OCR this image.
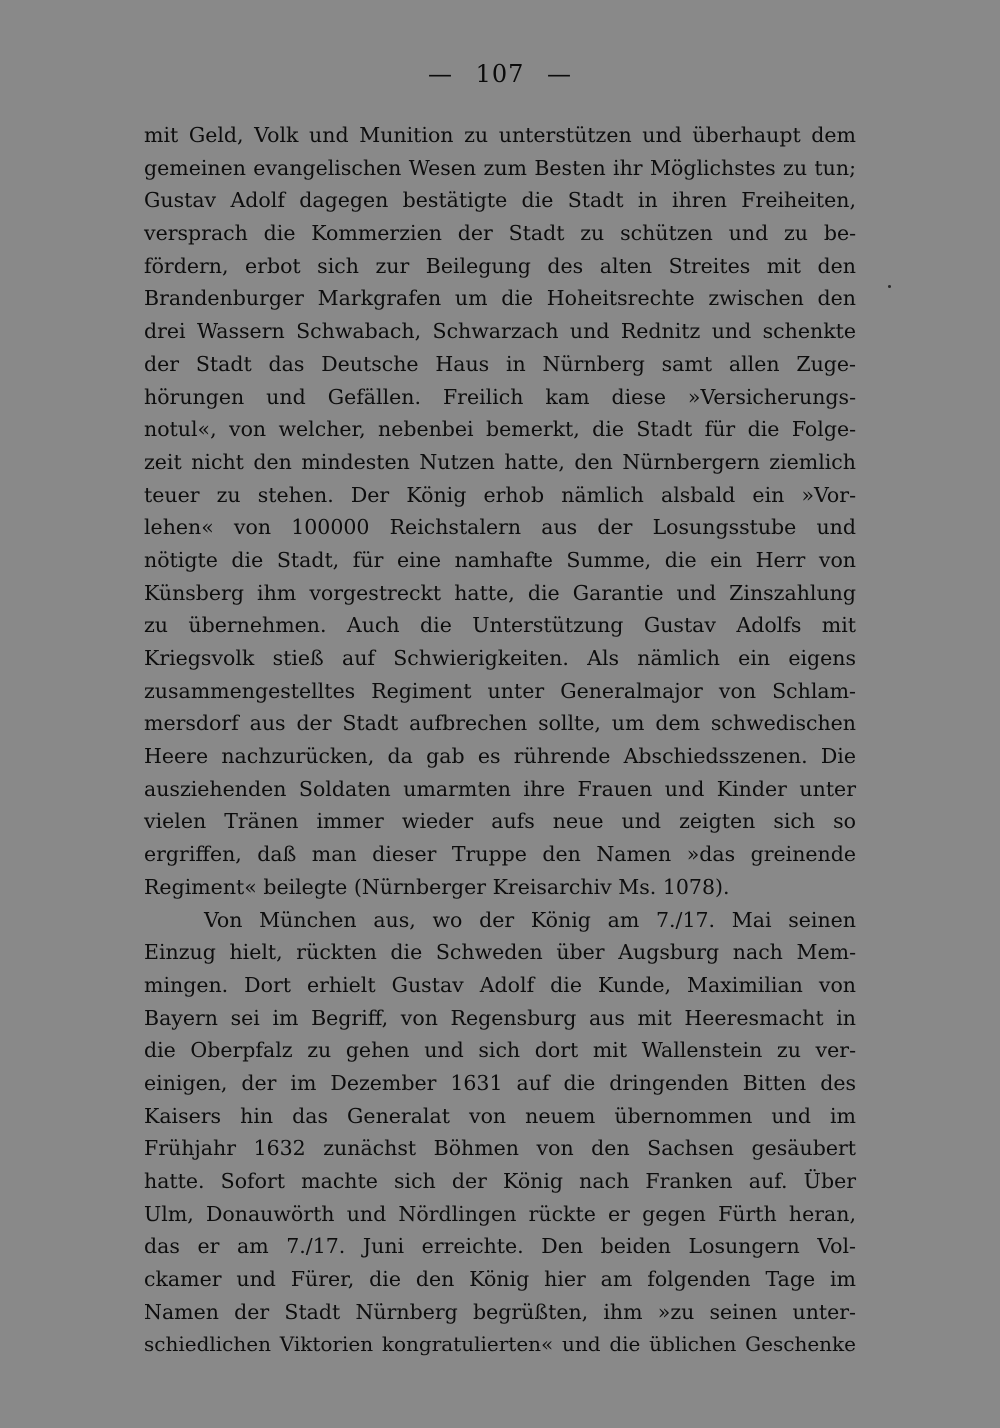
— 107 —
mit Geld, Volk und Munition zu unterstützen und überhaupt dem
gemeinen evangelischen Wesen zum Besten ihr Möglichstes zu tun;
Gustav Adolf dagegen bestätigte die Stadt in ihren Freiheiten,
versprach die Kommerzien der Stadt zu schützen und zu be-
fördern, erbot sich zur Beilegung des alten Streites mit den
Brandenburger Markgrafen um die Hoheitsrechte zwischen den
drei Wassern Schwabach, Schwarzach und Rednitz und schenkte
der Stadt das Deutsche Haus in Nürnberg samt allen Zuge-
hörungen und Gefällen. Freilich kam diese »Versicherungs-
notul«, von welcher, nebenbei bemerkt, die Stadt für die Folge-
zeit nicht den mindesten Nutzen hatte, den Nürnbergern ziemlich
teuer zu stehen. Der König erhob nämlich alsbald ein »Vor-
lehen« von 100000 Reichstalern aus der Losungsstube und
nötigte die Stadt, für eine namhafte Summe, die ein Herr von
Künsberg ihm vorgestreckt hatte, die Garantie und Zinszahlung
zu übernehmen. Auch die Unterstützung Gustav Adolfs mit
Kriegsvolk stieß auf Schwierigkeiten. Als nämlich ein eigens
zusammengestelltes Regiment unter Generalmajor von Schlam-
mersdorf aus der Stadt aufbrechen sollte, um dem schwedischen
Heere nachzurücken, da gab es rührende Abschiedsszenen. Die
ausziehenden Soldaten umarmten ihre Frauen und Kinder unter
vielen Tränen immer wieder aufs neue und zeigten sich so
ergriffen, daß man dieser Truppe den Namen »das greinende
Regiment« beilegte (Nürnberger Kreisarchiv Ms. 1078).
Von München aus, wo der König am 7./17. Mai seinen
Einzug hielt, rückten die Schweden über Augsburg nach Mem-
mingen. Dort erhielt Gustav Adolf die Kunde, Maximilian von
Bayern sei im Begriff, von Regensburg aus mit Heeresmacht in
die Oberpfalz zu gehen und sich dort mit Wallenstein zu ver-
einigen, der im Dezember 1631 auf die dringenden Bitten des
Kaisers hin das Generalat von neuem übernommen und im
Frühjahr 1632 zunächst Böhmen von den Sachsen gesäubert
hatte. Sofort machte sich der König nach Franken auf. Über
Ulm, Donauwörth und Nördlingen rückte er gegen Fürth heran,
das er am 7./17. Juni erreichte. Den beiden Losungern Vol-
ckamer und Fürer, die den König hier am folgenden Tage im
Namen der Stadt Nürnberg begrüßten, ihm »zu seinen unter-
schiedlichen Viktorien kongratulierten« und die üblichen Geschenke
